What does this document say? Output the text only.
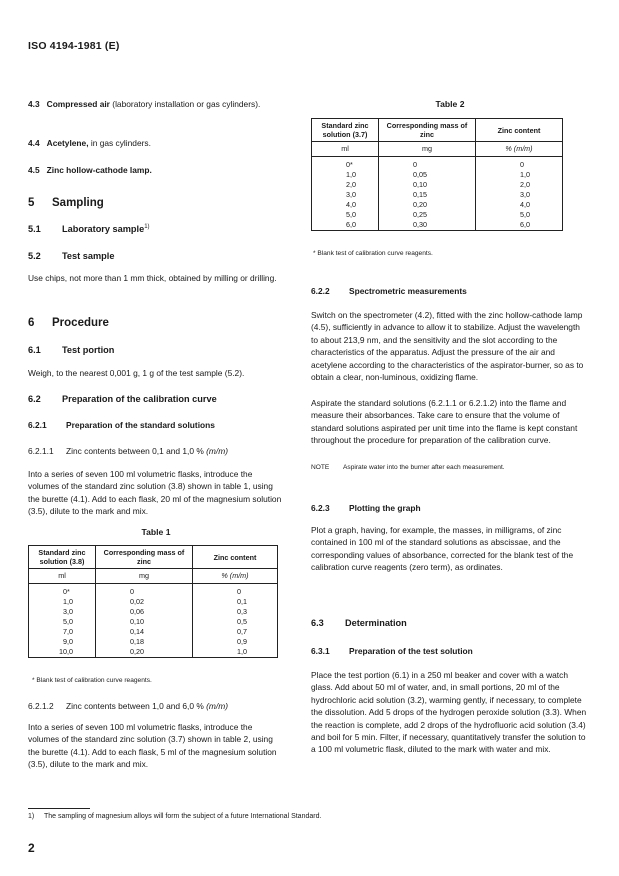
ISO 4194-1981 (E)
4.3 Compressed air (laboratory installation or gas cylinders).
4.4 Acetylene, in gas cylinders.
4.5 Zinc hollow-cathode lamp.
5 Sampling
5.1 Laboratory sample$^{1)}$
5.2 Test sample
Use chips, not more than 1 mm thick, obtained by milling or drilling.
6 Procedure
6.1 Test portion
Weigh, to the nearest 0,001 g, 1 g of the test sample (5.2).
6.2 Preparation of the calibration curve
6.2.1 Preparation of the standard solutions
6.2.1.1 Zinc contents between 0,1 and 1,0 % (m/m)
Into a series of seven 100 ml volumetric flasks, introduce the volumes of the standard zinc solution (3.8) shown in table 1, using the burette (4.1). Add to each flask, 20 ml of the magnesium solution (3.5), dilute to the mark and mix.
Table 1
Standard zinc solution (3.8)	Corresponding mass of zinc	Zinc content
ml	mg	% (m/m)
0*	0	0
1,0	0,02	0,1
3,0	0,06	0,3
5,0	0,10	0,5
7,0	0,14	0,7
9,0	0,18	0,9
10,0	0,20	1,0
* Blank test of calibration curve reagents.
6.2.1.2 Zinc contents between 1,0 and 6,0 % (m/m)
Into a series of seven 100 ml volumetric flasks, introduce the volumes of the standard zinc solution (3.7) shown in table 2, using the burette (4.1). Add to each flask, 5 ml of the magnesium solution (3.5), dilute to the mark and mix.
Table 2
Standard zinc solution (3.7)	Corresponding mass of zinc	Zinc content
ml	mg	% (m/m)
0*	0	0
1,0	0,05	1,0
2,0	0,10	2,0
3,0	0,15	3,0
4,0	0,20	4,0
5,0	0,25	5,0
6,0	0,30	6,0
* Blank test of calibration curve reagents.
6.2.2 Spectrometric measurements
Switch on the spectrometer (4.2), fitted with the zinc hollow-cathode lamp (4.5), sufficiently in advance to allow it to stabilize. Adjust the wavelength to about 213,9 nm, and the sensitivity and the slot according to the characteristics of the apparatus. Adjust the pressure of the air and acetylene according to the characteristics of the aspirator-burner, so as to obtain a clear, non-luminous, oxidizing flame.
Aspirate the standard solutions (6.2.1.1 or 6.2.1.2) into the flame and measure their absorbances. Take care to ensure that the volume of standard solutions aspirated per unit time into the flame is kept constant throughout the procedure for preparation of the calibration curve.
NOTE Aspirate water into the burner after each measurement.
6.2.3 Plotting the graph
Plot a graph, having, for example, the masses, in milligrams, of zinc contained in 100 ml of the standard solutions as abscissae, and the corresponding values of absorbance, corrected for the blank test of the calibration curve reagents (zero term), as ordinates.
6.3 Determination
6.3.1 Preparation of the test solution
Place the test portion (6.1) in a 250 ml beaker and cover with a watch glass. Add about 50 ml of water, and, in small portions, 20 ml of the hydrochloric acid solution (3.2), warming gently, if necessary, to complete the dissolution. Add 5 drops of the hydrogen peroxide solution (3.3). When the reaction is complete, add 2 drops of the hydrofluoric acid solution (3.4) and boil for 5 min. Filter, if necessary, quantitatively transfer the solution to a 100 ml volumetric flask, diluted to the mark with water and mix.
1) The sampling of magnesium alloys will form the subject of a future International Standard.
2
